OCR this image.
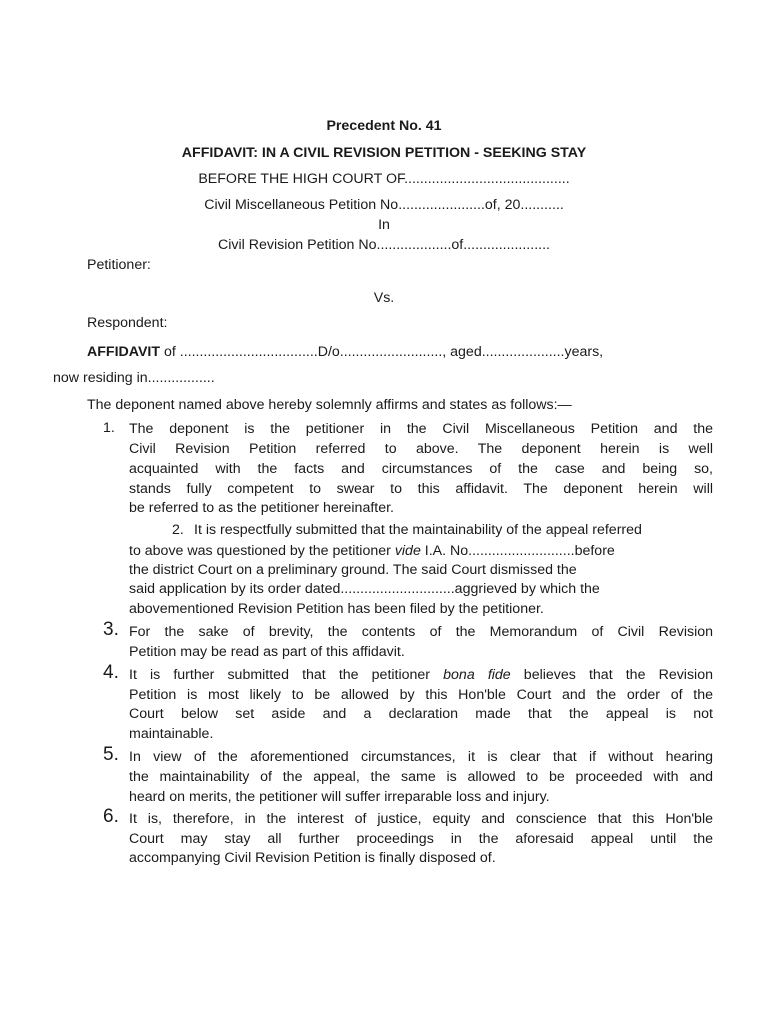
Precedent No. 41
AFFIDAVIT: IN A CIVIL REVISION PETITION - SEEKING STAY
BEFORE THE HIGH COURT OF..........................................
Civil Miscellaneous Petition No......................of, 20...........
In
Civil Revision Petition No...................of......................
Petitioner:
Vs.
Respondent:
AFFIDAVIT of ...................................D/o.........................., aged.....................years,
now residing in.................
The deponent named above hereby solemnly affirms and states as follows:—
1. The deponent is the petitioner in the Civil Miscellaneous Petition and the
Civil Revision Petition referred to above. The deponent herein is well
acquainted with the facts and circumstances of the case and being so,
stands fully competent to swear to this affidavit. The deponent herein will
be referred to as the petitioner hereinafter.
2. It is respectfully submitted that the maintainability of the appeal referred
to above was questioned by the petitioner vide I.A. No...........................before
the district Court on a preliminary ground. The said Court dismissed the
said application by its order dated.............................aggrieved by which the
abovementioned Revision Petition has been filed by the petitioner.
3. For the sake of brevity, the contents of the Memorandum of Civil Revision
Petition may be read as part of this affidavit.
4. It is further submitted that the petitioner bona fide believes that the Revision
Petition is most likely to be allowed by this Hon'ble Court and the order of the
Court below set aside and a declaration made that the appeal is not
maintainable.
5. In view of the aforementioned circumstances, it is clear that if without hearing
the maintainability of the appeal, the same is allowed to be proceeded with and
heard on merits, the petitioner will suffer irreparable loss and injury.
6. It is, therefore, in the interest of justice, equity and conscience that this Hon'ble
Court may stay all further proceedings in the aforesaid appeal until the
accompanying Civil Revision Petition is finally disposed of.
